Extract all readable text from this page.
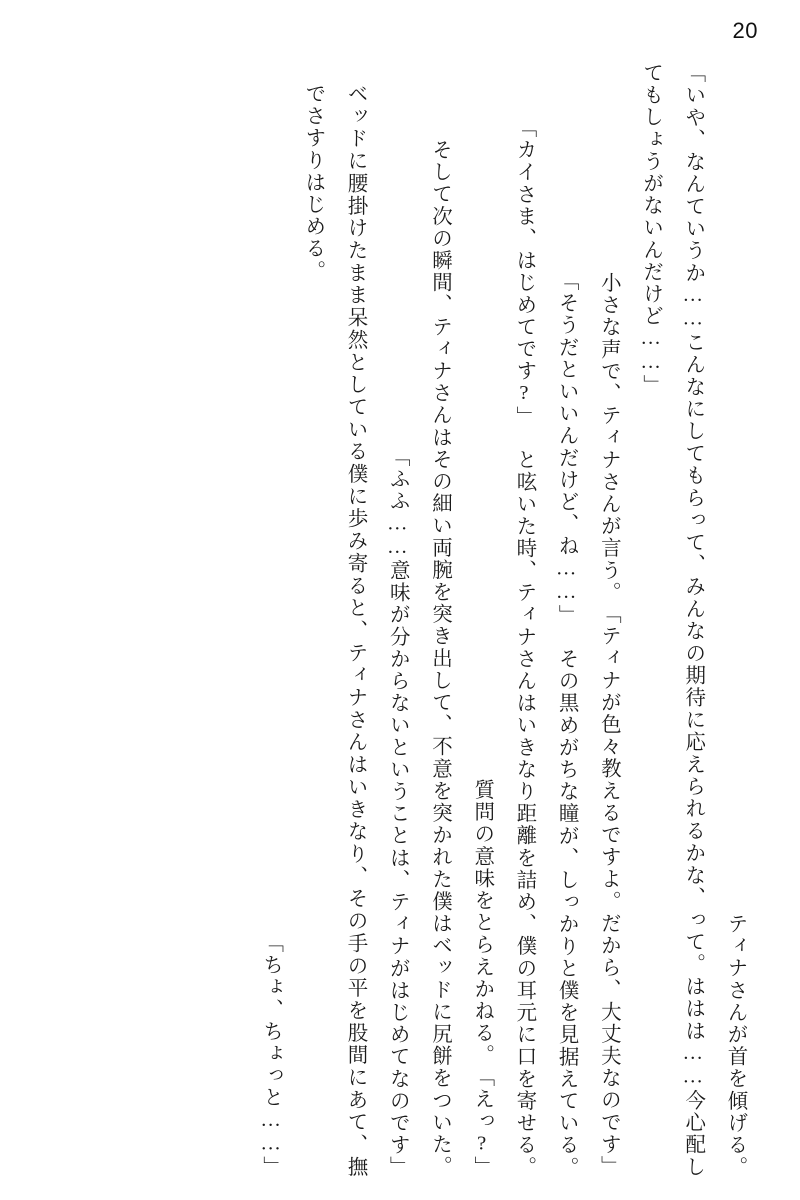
20
ティナさんが首を傾げる。
「いや、なんていうか……こんなにしてもらって、みんなの期待に応えられるかな、って。ははは……今心配してもしょうがないんだけど……」
「ティナが色々教えるですよ。だから、大丈夫なのです」
小さな声で、ティナさんが言う。
その黒めがちな瞳が、しっかりと僕を見据えている。
「そうだといいんだけど、ね……」
と呟いた時、ティナさんはいきなり距離を詰め、僕の耳元に口を寄せる。
「カイさま、はじめてです?」
「えっ?」
質問の意味をとらえかねる。
そして次の瞬間、ティナさんはその細い両腕を突き出して、不意を突かれた僕はベッドに尻餅をついた。
「ふふ……意味が分からないということは、ティナがはじめてなのです」
ベッドに腰掛けたまま呆然としている僕に歩み寄ると、ティナさんはいきなり、その手の平を股間にあて、撫でさすりはじめる。
「ちょ、ちょっと……」
